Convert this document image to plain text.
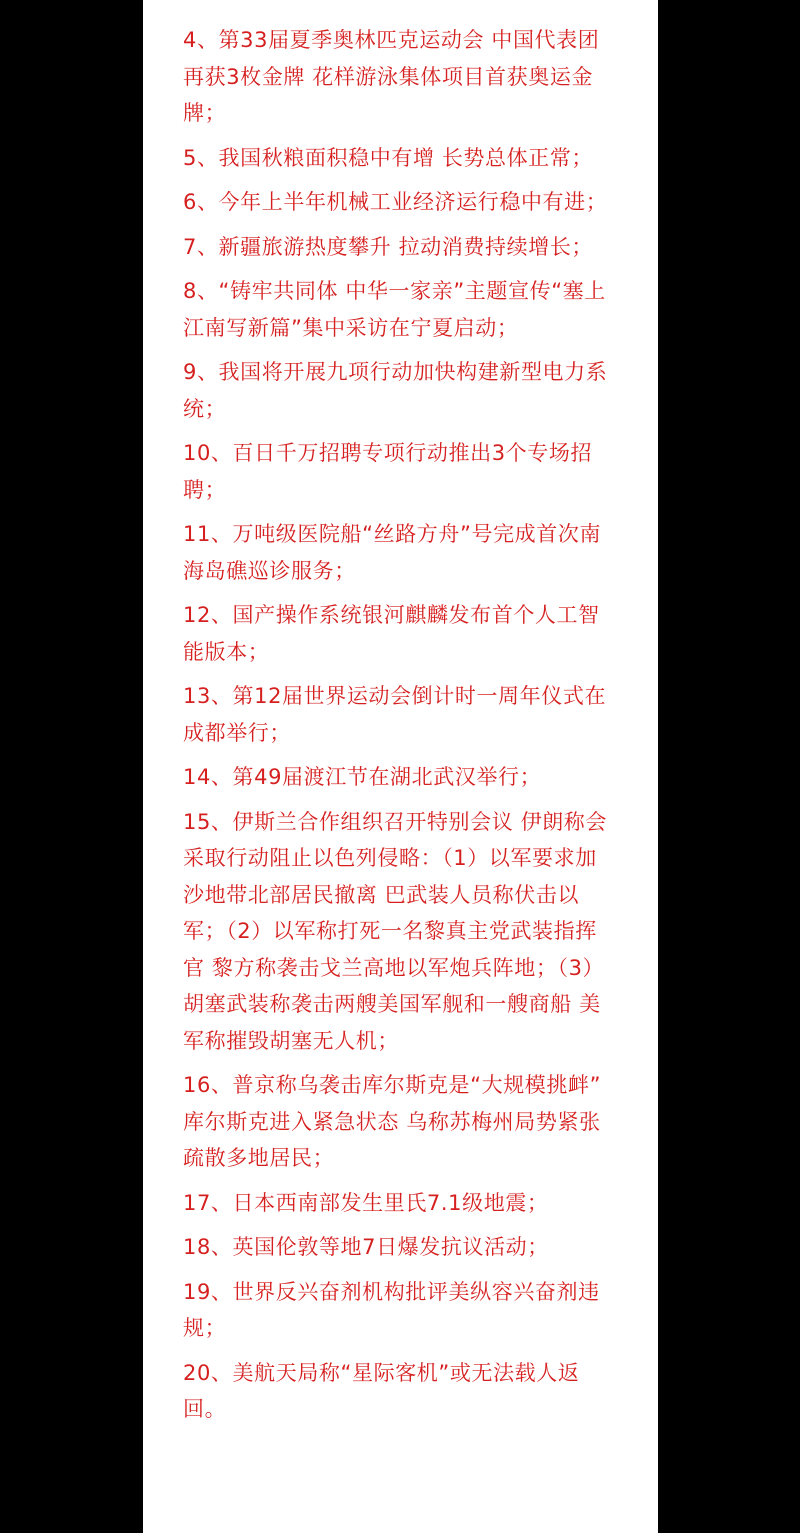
4、第33届夏季奥林匹克运动会 中国代表团再获3枚金牌 花样游泳集体项目首获奥运金牌；
5、我国秋粮面积稳中有增 长势总体正常；
6、今年上半年机械工业经济运行稳中有进；
7、新疆旅游热度攀升 拉动消费持续增长；
8、“铸牢共同体 中华一家亲”主题宣传“塞上江南写新篇”集中采访在宁夏启动；
9、我国将开展九项行动加快构建新型电力系统；
10、百日千万招聘专项行动推出3个专场招聘；
11、万吨级医院船“丝路方舟”号完成首次南海岛礁巡诊服务；
12、国产操作系统银河麒麟发布首个人工智能版本；
13、第12届世界运动会倒计时一周年仪式在成都举行；
14、第49届渡江节在湖北武汉举行；
15、伊斯兰合作组织召开特别会议 伊朗称会采取行动阻止以色列侵略：（1）以军要求加沙地带北部居民撤离 巴武装人员称伏击以军；（2）以军称打死一名黎真主党武装指挥官 黎方称袭击戈兰高地以军炮兵阵地；（3）胡塞武装称袭击两艘美国军舰和一艘商船 美军称摧毁胡塞无人机；
16、普京称乌袭击库尔斯克是“大规模挑衅” 库尔斯克进入紧急状态 乌称苏梅州局势紧张 疏散多地居民；
17、日本西南部发生里氏7.1级地震；
18、英国伦敦等地7日爆发抗议活动；
19、世界反兴奋剂机构批评美纵容兴奋剂违规；
20、美航天局称“星际客机”或无法载人返回。
